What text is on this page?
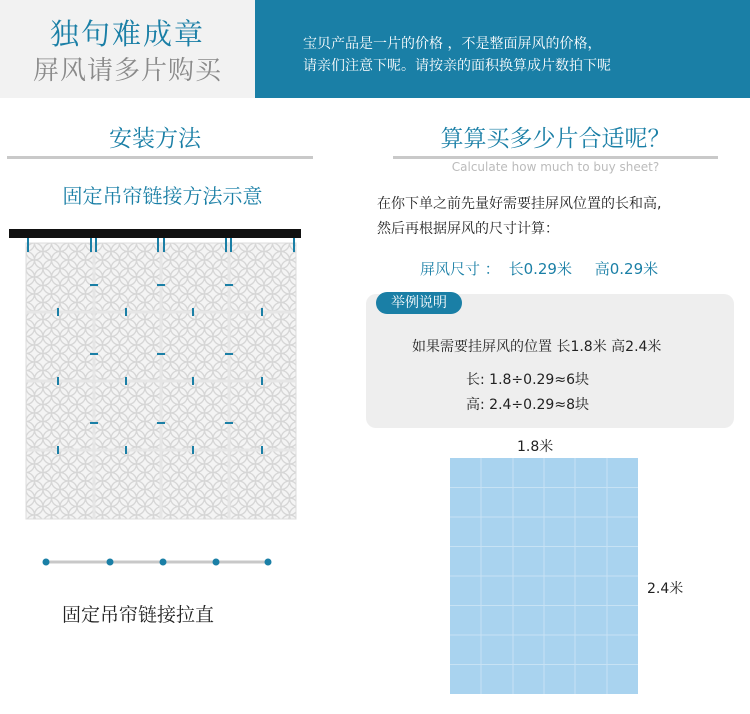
独句难成章
屏风请多片购买
宝贝产品是一片的价格 ，不是整面屏风的价格，
请亲们注意下呢。请按亲的面积换算成片数拍下呢
安装方法	算算买多少片合适呢？
Calculate how much to buy sheet?
固定吊帘链接方法示意
固定吊帘链接拉直
在你下单之前先量好需要挂屏风位置的长和高,
然后再根据屏风的尺寸计算：
屏风尺寸 ： 长0.29米 高0.29米
举例说明
如果需要挂屏风的位置 长1.8米 高2.4米
长: 1.8÷0.29≈6块
高: 2.4÷0.29≈8块
1.8米
2.4米
